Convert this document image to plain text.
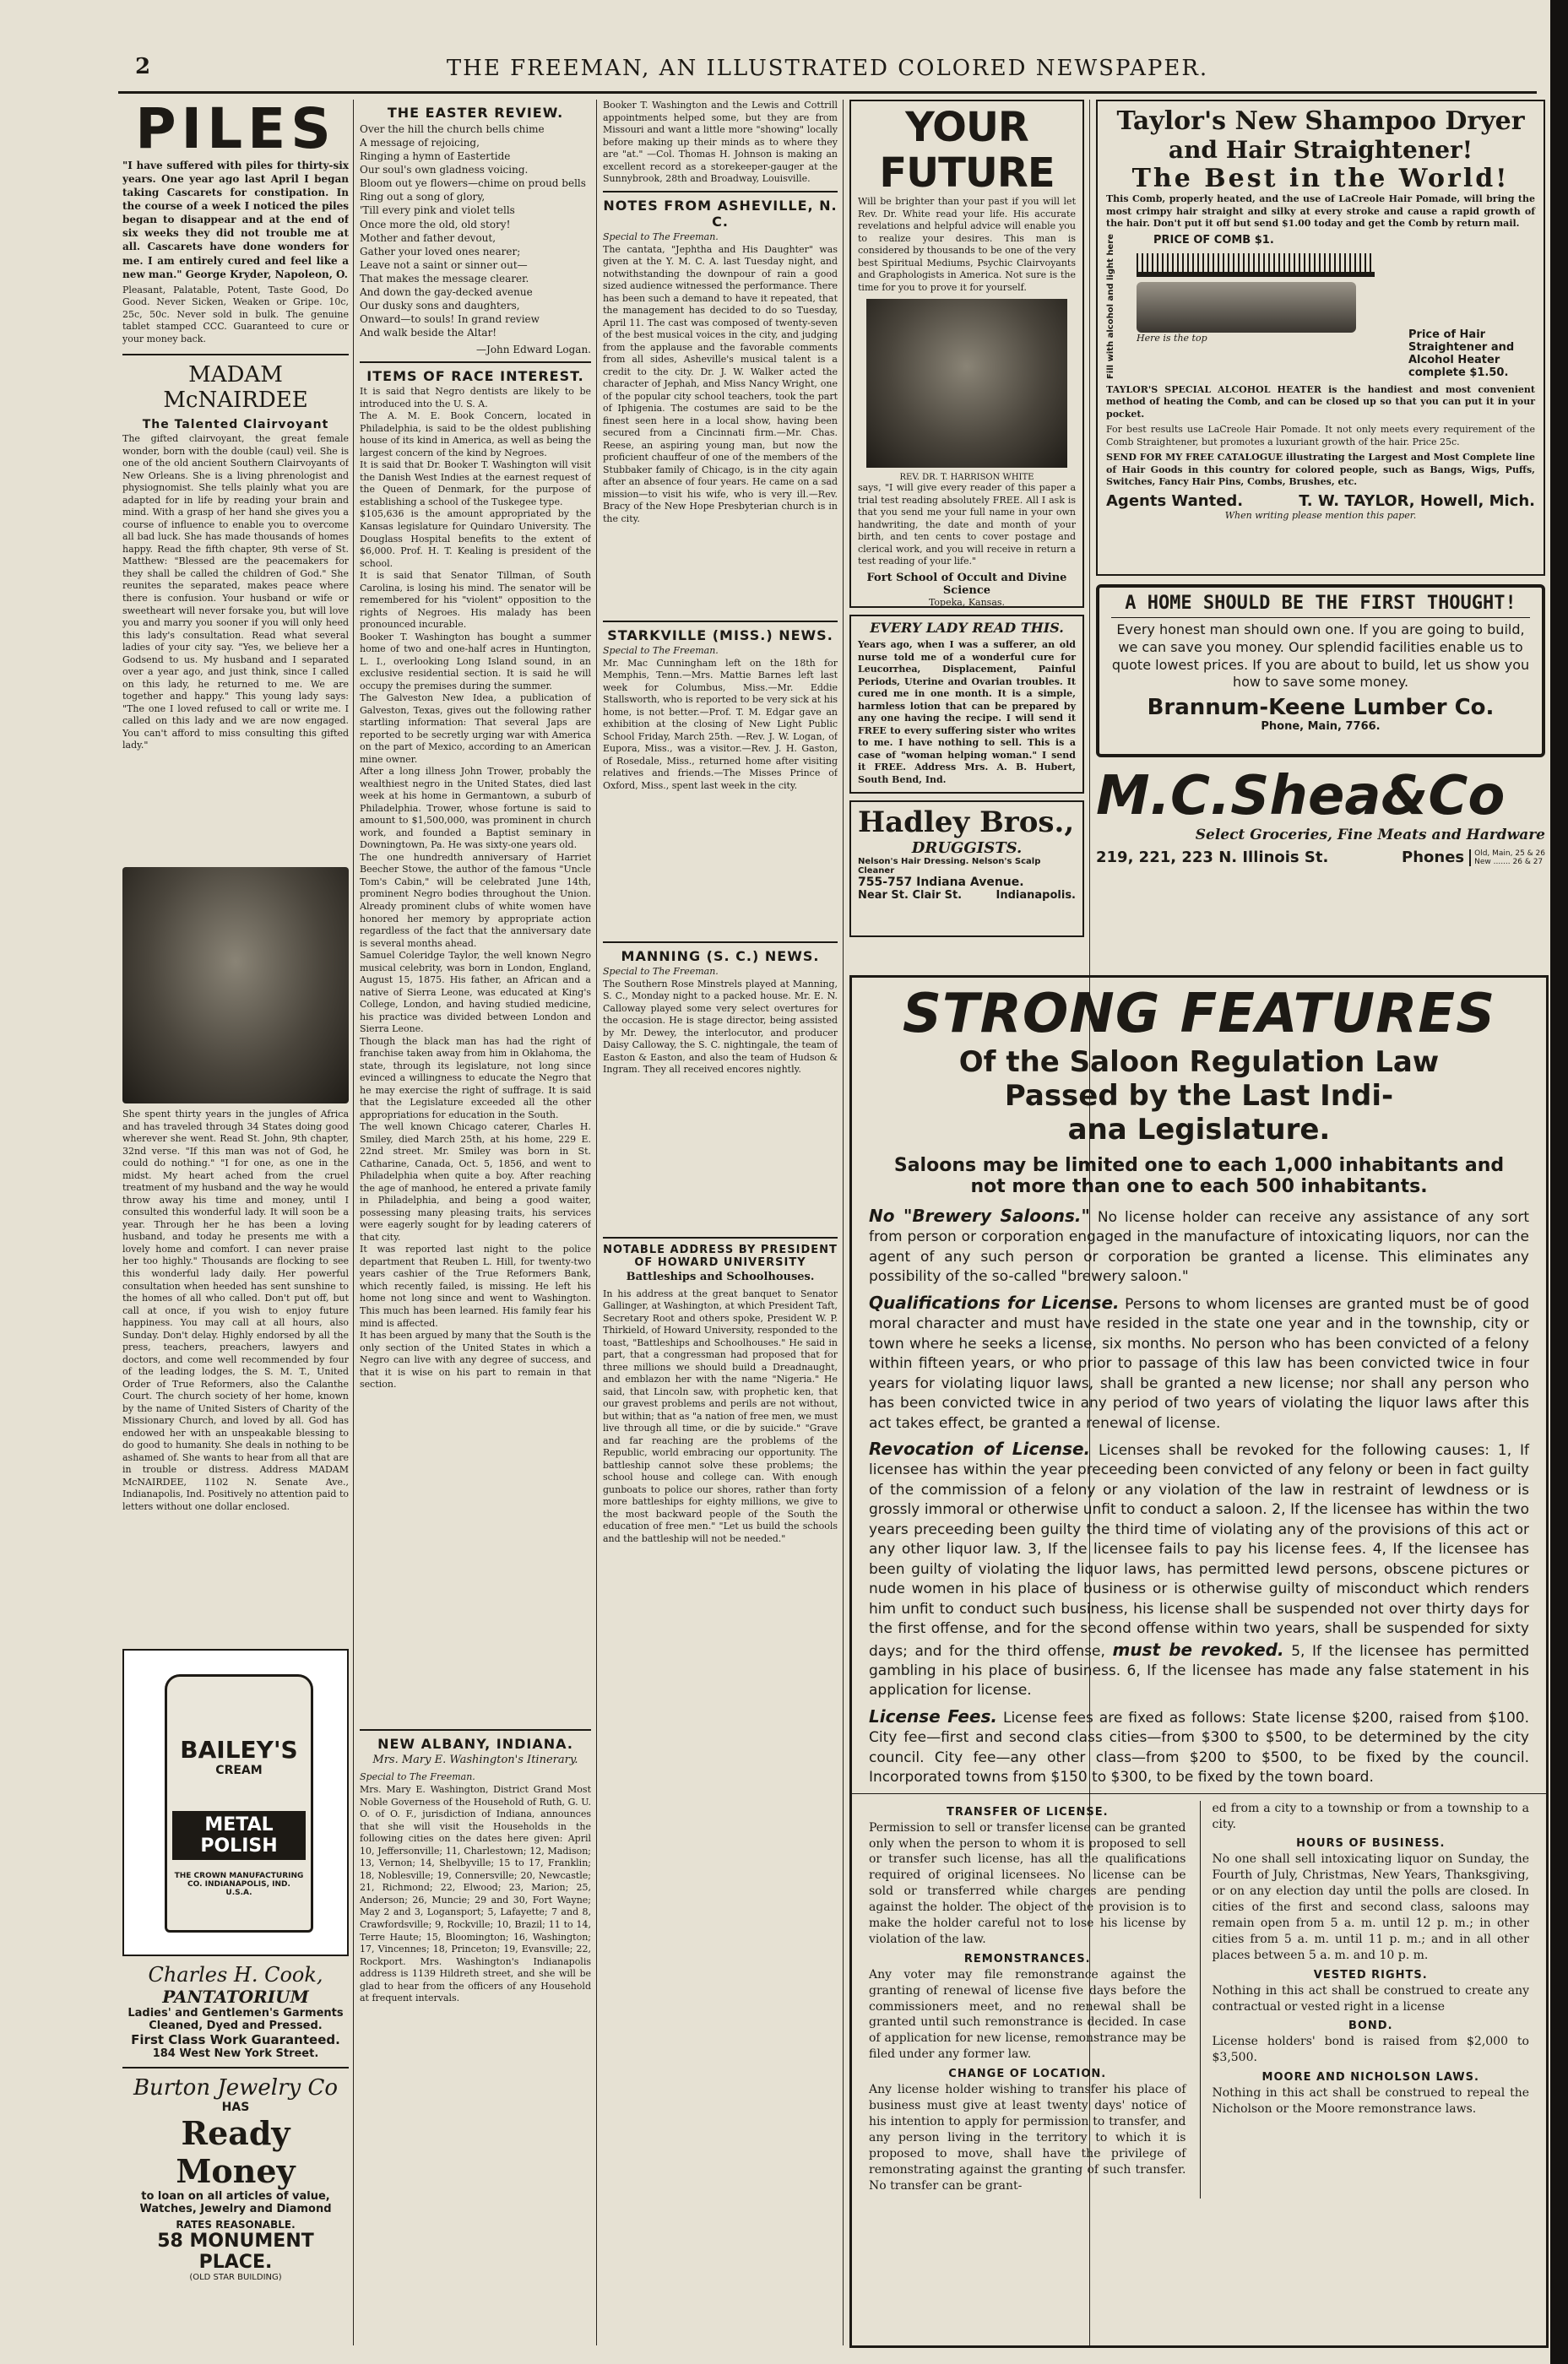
2	THE FREEMAN, AN ILLUSTRATED COLORED NEWSPAPER.
PILES

"I have suffered with piles for thirty-six years. One year ago last April I began taking Cascarets for constipation. In the course of a week I noticed the piles began to disappear and at the end of six weeks they did not trouble me at all. Cascarets have done wonders for me. I am entirely cured and feel like a new man." George Kryder, Napoleon, O.

Pleasant, Palatable, Potent, Taste Good, Do Good. Never Sicken, Weaken or Gripe. 10c, 25c, 50c. Never sold in bulk. The genuine tablet stamped CCC. Guaranteed to cure or your money back.

MADAM McNAIRDEE
The Talented Clairvoyant

The gifted clairvoyant, the great female wonder, born with the double (caul) veil. She is one of the old ancient Southern Clairvoyants of New Orleans. She is a living phrenologist and physiognomist. She tells plainly what you are adapted for in life by reading your brain and mind. With a grasp of her hand she gives you a course of influence to enable you to overcome all bad luck. She has made thousands of homes happy. Read the fifth chapter, 9th verse of St. Matthew: "Blessed are the peacemakers for they shall be called the children of God." She reunites the separated, makes peace where there is confusion. Your husband or wife or sweetheart will never forsake you, but will love you and marry you sooner if you will only heed this lady's consultation. Read what several ladies of your city say. "Yes, we believe her a Godsend to us. My husband and I separated over a year ago, and just think, since I called on this lady, he returned to me. We are together and happy." This young lady says: "The one I loved refused to call or write me. I called on this lady and we are now engaged. You can't afford to miss consulting this gifted lady."

She spent thirty years in the jungles of Africa and has traveled through 34 States doing good wherever she went. Read St. John, 9th chapter, 32nd verse. "If this man was not of God, he could do nothing." "I for one, as one in the midst. My heart ached from the cruel treatment of my husband and the way he would throw away his time and money, until I consulted this wonderful lady. It will soon be a year. Through her he has been a loving husband, and today he presents me with a lovely home and comfort. I can never praise her too highly." Thousands are flocking to see this wonderful lady daily. Her powerful consultation when heeded has sent sunshine to the homes of all who called. Don't put off, but call at once, if you wish to enjoy future happiness. You may call at all hours, also Sunday. Don't delay. Highly endorsed by all the press, teachers, preachers, lawyers and doctors, and come well recommended by four of the leading lodges, the S. M. T., United Order of True Reformers, also the Calanthe Court. The church society of her home, known by the name of United Sisters of Charity of the Missionary Church, and loved by all. God has endowed her with an unspeakable blessing to do good to humanity. She deals in nothing to be ashamed of. She wants to hear from all that are in trouble or distress. Address MADAM McNAIRDEE, 1102 N. Senate Ave., Indianapolis, Ind. Positively no attention paid to letters without one dollar enclosed.

BAILEY'S
CREAM
METAL POLISH
THE CROWN MANUFACTURING CO. INDIANAPOLIS, IND. U.S.A.
Charles H. Cook,
PANTATORIUM
Ladies' and Gentlemen's Garments Cleaned, Dyed and Pressed.
First Class Work Guaranteed.
184 West New York Street.
Burton Jewelry Co
HAS
Ready Money
to loan on all articles of value, Watches, Jewelry and Diamond
RATES REASONABLE.
58 MONUMENT PLACE.
(OLD STAR BUILDING)
THE EASTER REVIEW.

Over the hill the church bells chime
A message of rejoicing,
Ringing a hymn of Eastertide
Our soul's own gladness voicing.
Bloom out ye flowers—chime on proud bells
Ring out a song of glory,
'Till every pink and violet tells
Once more the old, old story!
Mother and father devout,
Gather your loved ones nearer;
Leave not a saint or sinner out—
That makes the message clearer.
And down the gay-decked avenue
Our dusky sons and daughters,
Onward—to souls! In grand review
And walk beside the Altar!

—John Edward Logan.

ITEMS OF RACE INTEREST.

It is said that Negro dentists are likely to be introduced into the U. S. A.
The A. M. E. Book Concern, located in Philadelphia, is said to be the oldest publishing house of its kind in America, as well as being the largest concern of the kind by Negroes.
It is said that Dr. Booker T. Washington will visit the Danish West Indies at the earnest request of the Queen of Denmark, for the purpose of establishing a school of the Tuskegee type.
$105,636 is the amount appropriated by the Kansas legislature for Quindaro University. The Douglass Hospital benefits to the extent of $6,000. Prof. H. T. Kealing is president of the school.
It is said that Senator Tillman, of South Carolina, is losing his mind. The senator will be remembered for his "violent" opposition to the rights of Negroes. His malady has been pronounced incurable.
Booker T. Washington has bought a summer home of two and one-half acres in Huntington, L. I., overlooking Long Island sound, in an exclusive residential section. It is said he will occupy the premises during the summer.
The Galveston New Idea, a publication of Galveston, Texas, gives out the following rather startling information: That several Japs are reported to be secretly urging war with America on the part of Mexico, according to an American mine owner.
After a long illness John Trower, probably the wealthiest negro in the United States, died last week at his home in Germantown, a suburb of Philadelphia. Trower, whose fortune is said to amount to $1,500,000, was prominent in church work, and founded a Baptist seminary in Downingtown, Pa. He was sixty-one years old.
The one hundredth anniversary of Harriet Beecher Stowe, the author of the famous "Uncle Tom's Cabin," will be celebrated June 14th, prominent Negro bodies throughout the Union. Already prominent clubs of white women have honored her memory by appropriate action regardless of the fact that the anniversary date is several months ahead.
Samuel Coleridge Taylor, the well known Negro musical celebrity, was born in London, England, August 15, 1875. His father, an African and a native of Sierra Leone, was educated at King's College, London, and having studied medicine, his practice was divided between London and Sierra Leone.
Though the black man has had the right of franchise taken away from him in Oklahoma, the state, through its legislature, not long since evinced a willingness to educate the Negro that he may exercise the right of suffrage. It is said that the Legislature exceeded all the other appropriations for education in the South.
The well known Chicago caterer, Charles H. Smiley, died March 25th, at his home, 229 E. 22nd street. Mr. Smiley was born in St. Catharine, Canada, Oct. 5, 1856, and went to Philadelphia when quite a boy. After reaching the age of manhood, he entered a private family in Philadelphia, and being a good waiter, possessing many pleasing traits, his services were eagerly sought for by leading caterers of that city.
It was reported last night to the police department that Reuben L. Hill, for twenty-two years cashier of the True Reformers Bank, which recently failed, is missing. He left his home not long since and went to Washington. This much has been learned. His family fear his mind is affected.
It has been argued by many that the South is the only section of the United States in which a Negro can live with any degree of success, and that it is wise on his part to remain in that section.

NEW ALBANY, INDIANA.
Mrs. Mary E. Washington's Itinerary.

Special to The Freeman.

Mrs. Mary E. Washington, District Grand Most Noble Governess of the Household of Ruth, G. U. O. of O. F., jurisdiction of Indiana, announces that she will visit the Households in the following cities on the dates here given: April 10, Jeffersonville; 11, Charlestown; 12, Madison; 13, Vernon; 14, Shelbyville; 15 to 17, Franklin; 18, Noblesville; 19, Connersville; 20, Newcastle; 21, Richmond; 22, Elwood; 23, Marion; 25, Anderson; 26, Muncie; 29 and 30, Fort Wayne; May 2 and 3, Logansport; 5, Lafayette; 7 and 8, Crawfordsville; 9, Rockville; 10, Brazil; 11 to 14, Terre Haute; 15, Bloomington; 16, Washington; 17, Vincennes; 18, Princeton; 19, Evansville; 22, Rockport. Mrs. Washington's Indianapolis address is 1139 Hildreth street, and she will be glad to hear from the officers of any Household at frequent intervals.

Booker T. Washington and the Lewis and Cottrill appointments helped some, but they are from Missouri and want a little more "showing" locally before making up their minds as to where they are "at." —Col. Thomas H. Johnson is making an excellent record as a storekeeper-gauger at the Sunnybrook, 28th and Broadway, Louisville.

NOTES FROM ASHEVILLE, N. C.

Special to The Freeman.

The cantata, "Jephtha and His Daughter" was given at the Y. M. C. A. last Tuesday night, and notwithstanding the downpour of rain a good sized audience witnessed the performance. There has been such a demand to have it repeated, that the management has decided to do so Tuesday, April 11. The cast was composed of twenty-seven of the best musical voices in the city, and judging from the applause and the favorable comments from all sides, Asheville's musical talent is a credit to the city. Dr. J. W. Walker acted the character of Jephah, and Miss Nancy Wright, one of the popular city school teachers, took the part of Iphigenia. The costumes are said to be the finest seen here in a local show, having been secured from a Cincinnati firm.—Mr. Chas. Reese, an aspiring young man, but now the proficient chauffeur of one of the members of the Stubbaker family of Chicago, is in the city again after an absence of four years. He came on a sad mission—to visit his wife, who is very ill.—Rev. Bracy of the New Hope Presbyterian church is in the city.

STARKVILLE (MISS.) NEWS.

Special to The Freeman.

Mr. Mac Cunningham left on the 18th for Memphis, Tenn.—Mrs. Mattie Barnes left last week for Columbus, Miss.—Mr. Eddie Stallsworth, who is reported to be very sick at his home, is not better.—Prof. T. M. Edgar gave an exhibition at the closing of New Light Public School Friday, March 25th. —Rev. J. W. Logan, of Eupora, Miss., was a visitor.—Rev. J. H. Gaston, of Rosedale, Miss., returned home after visiting relatives and friends.—The Misses Prince of Oxford, Miss., spent last week in the city.

MANNING (S. C.) NEWS.

Special to The Freeman.

The Southern Rose Minstrels played at Manning, S. C., Monday night to a packed house. Mr. E. N. Calloway played some very select overtures for the occasion. He is stage director, being assisted by Mr. Dewey, the interlocutor, and producer Daisy Calloway, the S. C. nightingale, the team of Easton & Easton, and also the team of Hudson & Ingram. They all received encores nightly.

NOTABLE ADDRESS BY PRESIDENT OF HOWARD UNIVERSITY
Battleships and Schoolhouses.

In his address at the great banquet to Senator Gallinger, at Washington, at which President Taft, Secretary Root and others spoke, President W. P. Thirkield, of Howard University, responded to the toast, "Battleships and Schoolhouses." He said in part, that a congressman had proposed that for three millions we should build a Dreadnaught, and emblazon her with the name "Nigeria." He said, that Lincoln saw, with prophetic ken, that our gravest problems and perils are not without, but within; that as "a nation of free men, we must live through all time, or die by suicide." "Grave and far reaching are the problems of the Republic, world embracing our opportunity. The battleship cannot solve these problems; the school house and college can. With enough gunboats to police our shores, rather than forty more battleships for eighty millions, we give to the most backward people of the South the education of free men." "Let us build the schools and the battleship will not be needed."

YOUR FUTURE

Will be brighter than your past if you will let Rev. Dr. White read your life. His accurate revelations and helpful advice will enable you to realize your desires. This man is considered by thousands to be one of the very best Spiritual Mediums, Psychic Clairvoyants and Graphologists in America. Not sure is the time for you to prove it for yourself.

REV. DR. T. HARRISON WHITE

says, "I will give every reader of this paper a trial test reading absolutely FREE. All I ask is that you send me your full name in your own handwriting, the date and month of your birth, and ten cents to cover postage and clerical work, and you will receive in return a test reading of your life."

Fort School of Occult and Divine Science
Topeka, Kansas.
EVERY LADY READ THIS.

Years ago, when I was a sufferer, an old nurse told me of a wonderful cure for Leucorrhea, Displacement, Painful Periods, Uterine and Ovarian troubles. It cured me in one month. It is a simple, harmless lotion that can be prepared by any one having the recipe. I will send it FREE to every suffering sister who writes to me. I have nothing to sell. This is a case of "woman helping woman." I send it FREE. Address Mrs. A. B. Hubert, South Bend, Ind.

Hadley Bros.,
DRUGGISTS.
Nelson's Hair Dressing. Nelson's Scalp Cleaner
755-757 Indiana Avenue.
Near St. Clair St.	Indianapolis.
Taylor's New Shampoo Dryer
and Hair Straightener!
The Best in the World!

This Comb, properly heated, and the use of LaCreole Hair Pomade, will bring the most crimpy hair straight and silky at every stroke and cause a rapid growth of the hair. Don't put it off but send $1.00 today and get the Comb by return mail.

Fill with alcohol and light here	PRICE OF COMB $1.
Here is the top	Price of Hair Straightener and Alcohol Heater complete $1.50.

TAYLOR'S SPECIAL ALCOHOL HEATER is the handiest and most convenient method of heating the Comb, and can be closed up so that you can put it in your pocket.

For best results use LaCreole Hair Pomade. It not only meets every requirement of the Comb Straightener, but promotes a luxuriant growth of the hair. Price 25c.

SEND FOR MY FREE CATALOGUE illustrating the Largest and Most Complete line of Hair Goods in this country for colored people, such as Bangs, Wigs, Puffs, Switches, Fancy Hair Pins, Combs, Brushes, etc.

Agents Wanted.	T. W. TAYLOR, Howell, Mich.
When writing please mention this paper.
A HOME SHOULD BE THE FIRST THOUGHT!

Every honest man should own one. If you are going to build, we can save you money. Our splendid facilities enable us to quote lowest prices. If you are about to build, let us show you how to save some money.

Brannum-Keene Lumber Co.
Phone, Main, 7766.
M.C.Shea&Co
Select Groceries, Fine Meats and Hardware
219, 221, 223 N. Illinois St.	Phones Old, Main, 25 & 26
New ....... 26 & 27
STRONG FEATURES
Of the Saloon Regulation Law
Passed by the Last Indi-
ana Legislature.
Saloons may be limited one to each 1,000 inhabitants and not more than one to each 500 inhabitants.

No "Brewery Saloons." No license holder can receive any assistance of any sort from person or corporation engaged in the manufacture of intoxicating liquors, nor can the agent of any such person or corporation be granted a license. This eliminates any possibility of the so-called "brewery saloon."

Qualifications for License. Persons to whom licenses are granted must be of good moral character and must have resided in the state one year and in the township, city or town where he seeks a license, six months. No person who has been convicted of a felony within fifteen years, or who prior to passage of this law has been convicted twice in four years for violating liquor laws, shall be granted a new license; nor shall any person who has been convicted twice in any period of two years of violating the liquor laws after this act takes effect, be granted a renewal of license.

Revocation of License. Licenses shall be revoked for the following causes: 1, If licensee has within the year preceeding been convicted of any felony or been in fact guilty of the commission of a felony or any violation of the law in restraint of lewdness or is grossly immoral or otherwise unfit to conduct a saloon. 2, If the licensee has within the two years preceeding been guilty the third time of violating any of the provisions of this act or any other liquor law. 3, If the licensee fails to pay his license fees. 4, If the licensee has been guilty of violating the liquor laws, has permitted lewd persons, obscene pictures or nude women in his place of business or is otherwise guilty of misconduct which renders him unfit to conduct such business, his license shall be suspended not over thirty days for the first offense, and for the second offense within two years, shall be suspended for sixty days; and for the third offense, must be revoked. 5, If the licensee has permitted gambling in his place of business. 6, If the licensee has made any false statement in his application for license.

License Fees. License fees are fixed as follows: State license $200, raised from $100. City fee—first and second class cities—from $300 to $500, to be determined by the city council. City fee—any other class—from $200 to $500, to be fixed by the council. Incorporated towns from $150 to $300, to be fixed by the town board.

TRANSFER OF LICENSE.

Permission to sell or transfer license can be granted only when the person to whom it is proposed to sell or transfer such license, has all the qualifications required of original licensees. No license can be sold or transferred while charges are pending against the holder. The object of the provision is to make the holder careful not to lose his license by violation of the law.

REMONSTRANCES.

Any voter may file remonstrance against the granting of renewal of license five days before the commissioners meet, and no renewal shall be granted until such remonstrance is decided. In case of application for new license, remonstrance may be filed under any former law.

CHANGE OF LOCATION.

Any license holder wishing to transfer his place of business must give at least twenty days' notice of his intention to apply for permission to transfer, and any person living in the territory to which it is proposed to move, shall have the privilege of remonstrating against the granting of such transfer. No transfer can be grant-

ed from a city to a township or from a township to a city.

HOURS OF BUSINESS.

No one shall sell intoxicating liquor on Sunday, the Fourth of July, Christmas, New Years, Thanksgiving, or on any election day until the polls are closed. In cities of the first and second class, saloons may remain open from 5 a. m. until 12 p. m.; in other cities from 5 a. m. until 11 p. m.; and in all other places between 5 a. m. and 10 p. m.

VESTED RIGHTS.

Nothing in this act shall be construed to create any contractual or vested right in a license

BOND.

License holders' bond is raised from $2,000 to $3,500.

MOORE AND NICHOLSON LAWS.

Nothing in this act shall be construed to repeal the Nicholson or the Moore remonstrance laws.
